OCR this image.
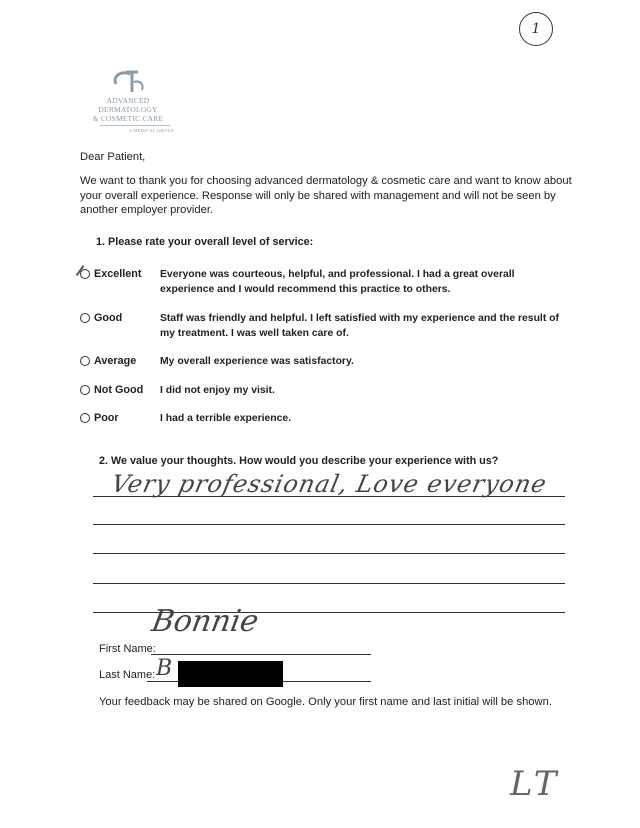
1
ADVANCED DERMATOLOGY
& COSMETIC CARE
A MEDICAL GROUP
Dear Patient,
We want to thank you for choosing advanced dermatology & cosmetic care and want to know about your overall experience. Response will only be shared with management and will not be seen by another employer provider.
1. Please rate your overall level of service:
Excellent Everyone was courteous, helpful, and professional. I had a great overall experience and I would recommend this practice to others.
Good	Staff was friendly and helpful. I left satisfied with my experience and the result of my treatment. I was well taken care of.
Average My overall experience was satisfactory.
Not Good I did not enjoy my visit.
Poor	I had a terrible experience.
2. We value your thoughts. How would you describe your experience with us?
Very professional, Love everyone
First Name:
Bonnie
Last Name: B
Your feedback may be shared on Google. Only your first name and last initial will be shown.
LT
